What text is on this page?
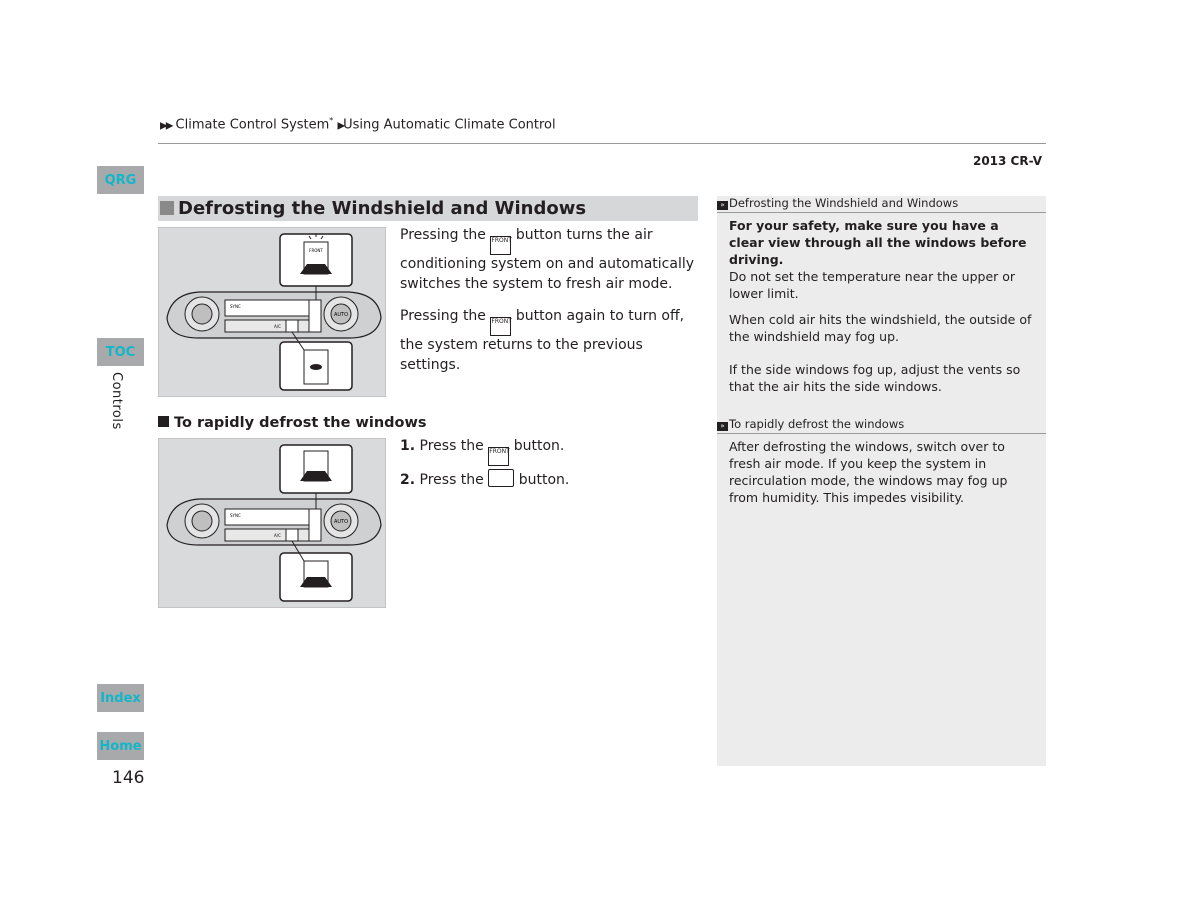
▶▶ Climate Control System* ▶Using Automatic Climate Control
2013 CR-V
QRG
TOC
Controls
Index
Home
146
Defrosting the Windshield and Windows
FRONT
AUTO
SYNC
A/C
Pressing the FRONT button turns the air conditioning system on and automatically switches the system to fresh air mode.
Pressing the FRONT button again to turn off, the system returns to the previous settings.
To rapidly defrost the windows
AUTO
SYNC
A/C
1. Press the FRONT button.
2. Press the  button.
» Defrosting the Windshield and Windows
For your safety, make sure you have a clear view through all the windows before driving.
Do not set the temperature near the upper or lower limit.
When cold air hits the windshield, the outside of the windshield may fog up.
If the side windows fog up, adjust the vents so that the air hits the side windows.
» To rapidly defrost the windows
After defrosting the windows, switch over to fresh air mode. If you keep the system in recirculation mode, the windows may fog up from humidity. This impedes visibility.
